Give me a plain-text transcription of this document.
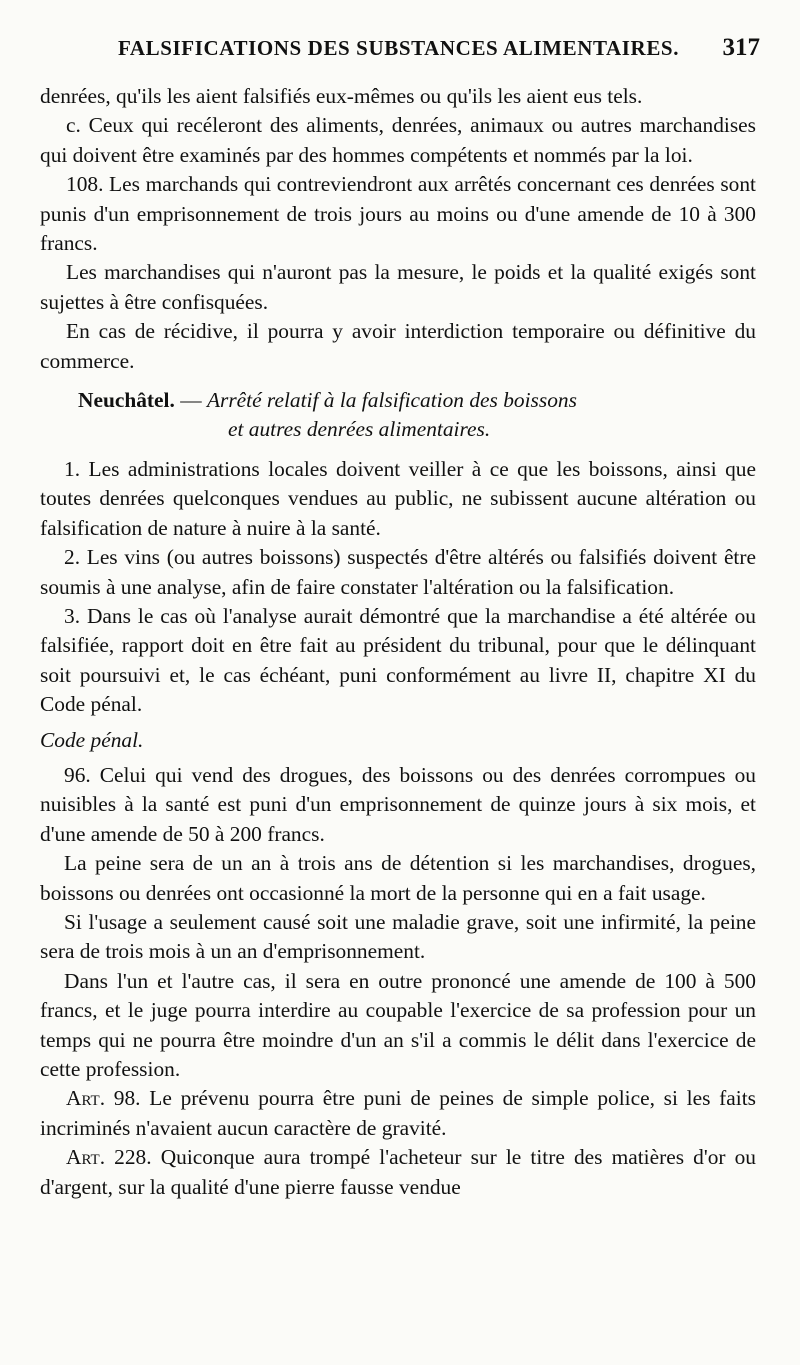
FALSIFICATIONS DES SUBSTANCES ALIMENTAIRES. 317

denrées, qu'ils les aient falsifiés eux-mêmes ou qu'ils les aient eus tels.

c. Ceux qui recéleront des aliments, denrées, animaux ou autres marchandises qui doivent être examinés par des hommes compétents et nommés par la loi.

108. Les marchands qui contreviendront aux arrêtés concernant ces denrées sont punis d'un emprisonnement de trois jours au moins ou d'une amende de 10 à 300 francs.

Les marchandises qui n'auront pas la mesure, le poids et la qualité exigés sont sujettes à être confisquées.

En cas de récidive, il pourra y avoir interdiction temporaire ou définitive du commerce.

Neuchâtel. — Arrêté relatif à la falsification des boissons
et autres denrées alimentaires.

1. Les administrations locales doivent veiller à ce que les boissons, ainsi que toutes denrées quelconques vendues au public, ne subissent aucune altération ou falsification de nature à nuire à la santé.

2. Les vins (ou autres boissons) suspectés d'être altérés ou falsifiés doivent être soumis à une analyse, afin de faire constater l'altération ou la falsification.

3. Dans le cas où l'analyse aurait démontré que la marchandise a été altérée ou falsifiée, rapport doit en être fait au président du tribunal, pour que le délinquant soit poursuivi et, le cas échéant, puni conformément au livre II, chapitre XI du Code pénal.

Code pénal.

96. Celui qui vend des drogues, des boissons ou des denrées corrompues ou nuisibles à la santé est puni d'un emprisonnement de quinze jours à six mois, et d'une amende de 50 à 200 francs.

La peine sera de un an à trois ans de détention si les marchandises, drogues, boissons ou denrées ont occasionné la mort de la personne qui en a fait usage.

Si l'usage a seulement causé soit une maladie grave, soit une infirmité, la peine sera de trois mois à un an d'emprisonnement.

Dans l'un et l'autre cas, il sera en outre prononcé une amende de 100 à 500 francs, et le juge pourra interdire au coupable l'exercice de sa profession pour un temps qui ne pourra être moindre d'un an s'il a commis le délit dans l'exercice de cette profession.

Art. 98. Le prévenu pourra être puni de peines de simple police, si les faits incriminés n'avaient aucun caractère de gravité.

Art. 228. Quiconque aura trompé l'acheteur sur le titre des matières d'or ou d'argent, sur la qualité d'une pierre fausse vendue
